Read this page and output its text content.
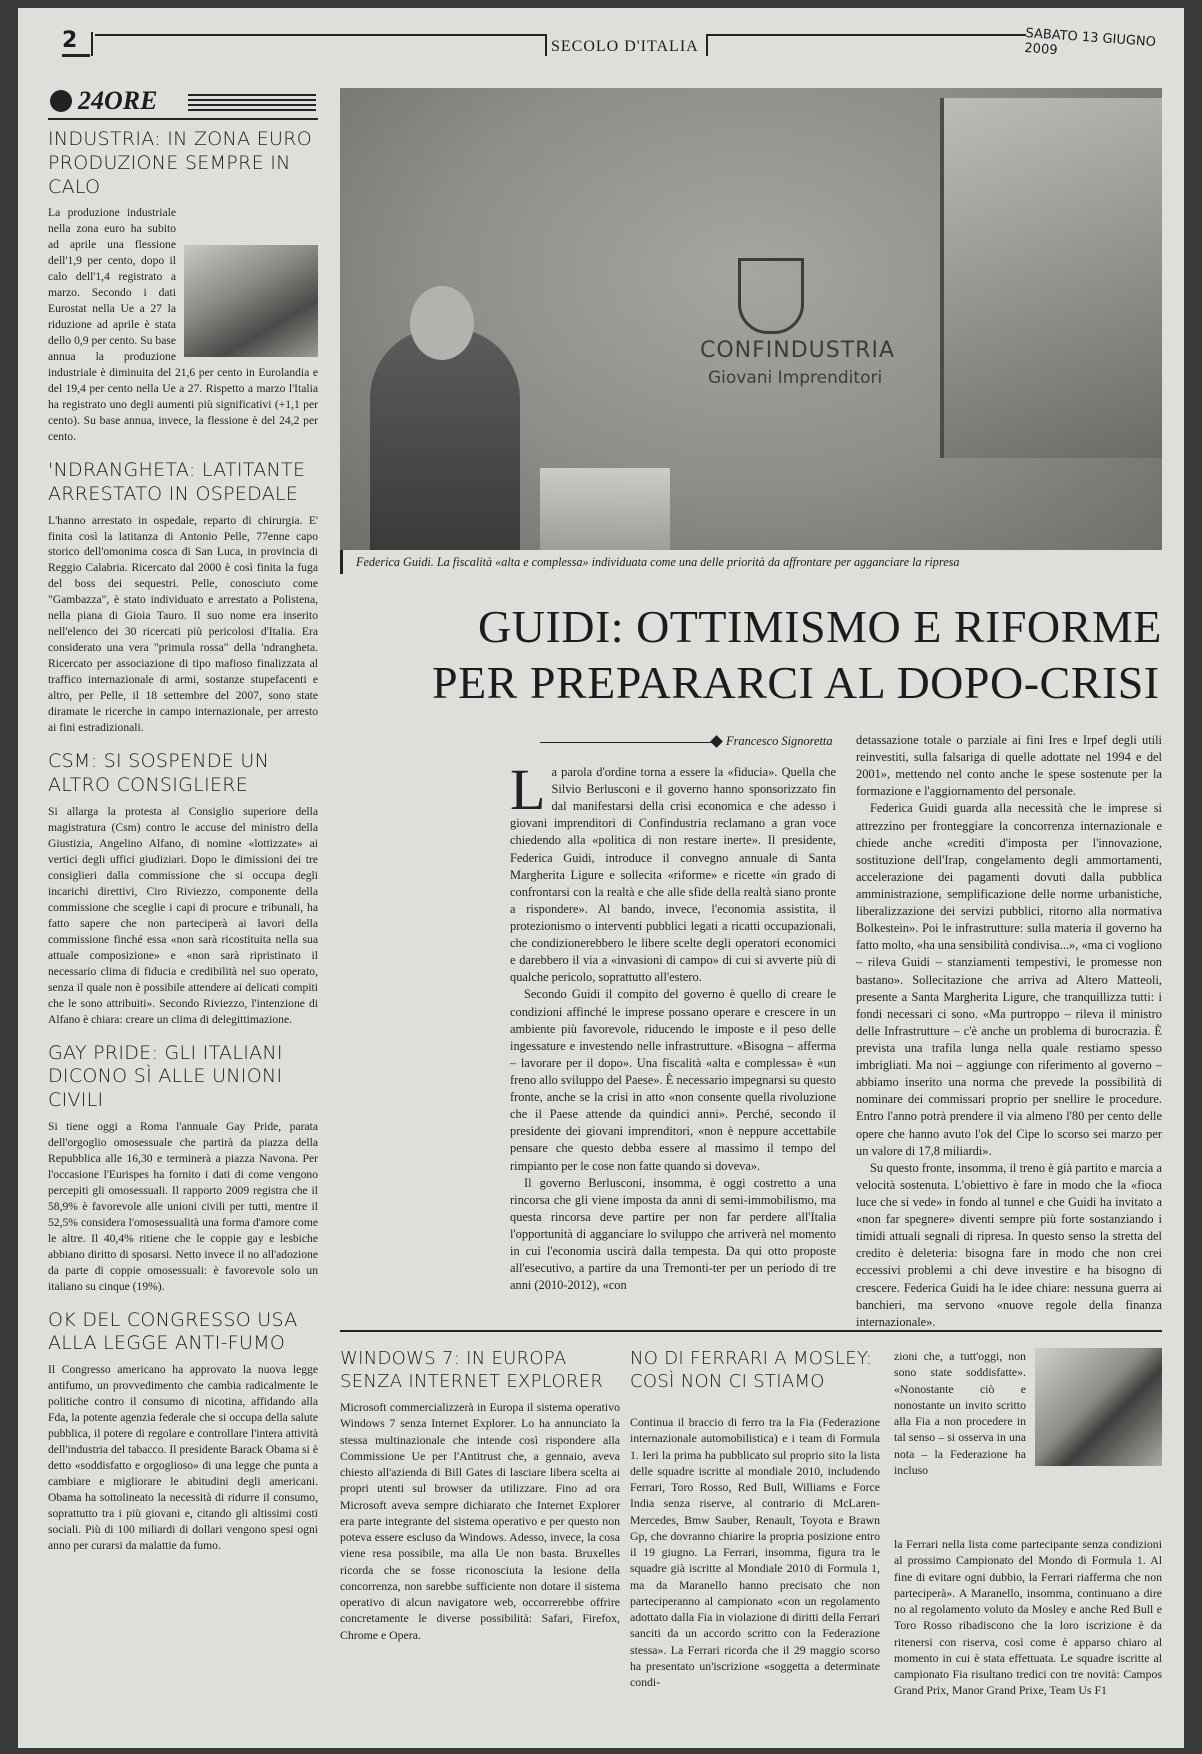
2	SECOLO D'ITALIA	SABATO 13 GIUGNO 2009
24ORE
INDUSTRIA: IN ZONA EURO PRODUZIONE SEMPRE IN CALO

La produzione industriale nella zona euro ha subito ad aprile una flessione dell'1,9 per cento, dopo il calo dell'1,4 registrato a marzo. Secondo i dati Eurostat nella Ue a 27 la riduzione ad aprile è stata dello 0,9 per cento. Su base annua la produzione industriale è diminuita del 21,6 per cento in Eurolandia e del 19,4 per cento nella Ue a 27. Rispetto a marzo l'Italia ha registrato uno degli aumenti più significativi (+1,1 per cento). Su base annua, invece, la flessione è del 24,2 per cento.

'NDRANGHETA: LATITANTE ARRESTATO IN OSPEDALE

L'hanno arrestato in ospedale, reparto di chirurgia. E' finita così la latitanza di Antonio Pelle, 77enne capo storico dell'omonima cosca di San Luca, in provincia di Reggio Calabria. Ricercato dal 2000 è così finita la fuga del boss dei sequestri. Pelle, conosciuto come "Gambazza", è stato individuato e arrestato a Polistena, nella piana di Gioia Tauro. Il suo nome era inserito nell'elenco dei 30 ricercati più pericolosi d'Italia. Era considerato una vera "primula rossa" della 'ndrangheta. Ricercato per associazione di tipo mafioso finalizzata al traffico internazionale di armi, sostanze stupefacenti e altro, per Pelle, il 18 settembre del 2007, sono state diramate le ricerche in campo internazionale, per arresto ai fini estradizionali.

CSM: SI SOSPENDE UN ALTRO CONSIGLIERE

Si allarga la protesta al Consiglio superiore della magistratura (Csm) contro le accuse del ministro della Giustizia, Angelino Alfano, di nomine «lottizzate» ai vertici degli uffici giudiziari. Dopo le dimissioni dei tre consiglieri dalla commissione che si occupa degli incarichi direttivi, Ciro Riviezzo, componente della commissione che sceglie i capi di procure e tribunali, ha fatto sapere che non parteciperà ai lavori della commissione finché essa «non sarà ricostituita nella sua attuale composizione» e «non sarà ripristinato il necessario clima di fiducia e credibilità nel suo operato, senza il quale non è possibile attendere ai delicati compiti che le sono attribuiti». Secondo Riviezzo, l'intenzione di Alfano è chiara: creare un clima di delegittimazione.

GAY PRIDE: GLI ITALIANI DICONO SÌ ALLE UNIONI CIVILI

Si tiene oggi a Roma l'annuale Gay Pride, parata dell'orgoglio omosessuale che partirà da piazza della Repubblica alle 16,30 e terminerà a piazza Navona. Per l'occasione l'Eurispes ha fornito i dati di come vengono percepiti gli omosessuali. Il rapporto 2009 registra che il 58,9% è favorevole alle unioni civili per tutti, mentre il 52,5% considera l'omosessualità una forma d'amore come le altre. Il 40,4% ritiene che le coppie gay e lesbiche abbiano diritto di sposarsi. Netto invece il no all'adozione da parte di coppie omosessuali: è favorevole solo un italiano su cinque (19%).

OK DEL CONGRESSO USA ALLA LEGGE ANTI-FUMO

Il Congresso americano ha approvato la nuova legge antifumo, un provvedimento che cambia radicalmente le politiche contro il consumo di nicotina, affidando alla Fda, la potente agenzia federale che si occupa della salute pubblica, il potere di regolare e controllare l'intera attività dell'industria del tabacco. Il presidente Barack Obama si è detto «soddisfatto e orgoglioso» di una legge che punta a cambiare e migliorare le abitudini degli americani. Obama ha sottolineato la necessità di ridurre il consumo, soprattutto tra i più giovani e, citando gli altissimi costi sociali. Più di 100 miliardi di dollari vengono spesi ogni anno per curarsi da malattie da fumo.

CONFINDUSTRIA
Giovani Imprenditori
Federica Guidi. La fiscalità «alta e complessa» individuata come una delle priorità da affrontare per agganciare la ripresa
GUIDI: OTTIMISMO E RIFORME
PER PREPARARCI AL DOPO-CRISI
Francesco Signoretta

La parola d'ordine torna a essere la «fiducia». Quella che Silvio Berlusconi e il governo hanno sponsorizzato fin dal manifestarsi della crisi economica e che adesso i giovani imprenditori di Confindustria reclamano a gran voce chiedendo alla «politica di non restare inerte». Il presidente, Federica Guidi, introduce il convegno annuale di Santa Margherita Ligure e sollecita «riforme» e ricette «in grado di confrontarsi con la realtà e che alle sfide della realtà siano pronte a rispondere». Al bando, invece, l'economia assistita, il protezionismo o interventi pubblici legati a ricatti occupazionali, che condizionerebbero le libere scelte degli operatori economici e darebbero il via a «invasioni di campo» di cui si avverte più di qualche pericolo, soprattutto all'estero.

Secondo Guidi il compito del governo è quello di creare le condizioni affinché le imprese possano operare e crescere in un ambiente più favorevole, riducendo le imposte e il peso delle ingessature e investendo nelle infrastrutture. «Bisogna – afferma – lavorare per il dopo». Una fiscalità «alta e complessa» è «un freno allo sviluppo del Paese». È necessario impegnarsi su questo fronte, anche se la crisi in atto «non consente quella rivoluzione che il Paese attende da quindici anni». Perché, secondo il presidente dei giovani imprenditori, «non è neppure accettabile pensare che questo debba essere al massimo il tempo del rimpianto per le cose non fatte quando si doveva».

Il governo Berlusconi, insomma, è oggi costretto a una rincorsa che gli viene imposta da anni di semi-immobilismo, ma questa rincorsa deve partire per non far perdere all'Italia l'opportunità di agganciare lo sviluppo che arriverà nel momento in cui l'economia uscirà dalla tempesta. Da qui otto proposte all'esecutivo, a partire da una Tremonti-ter per un periodo di tre anni (2010-2012), «con

detassazione totale o parziale ai fini Ires e Irpef degli utili reinvestiti, sulla falsariga di quelle adottate nel 1994 e del 2001», mettendo nel conto anche le spese sostenute per la formazione e l'aggiornamento del personale.

Federica Guidi guarda alla necessità che le imprese si attrezzino per fronteggiare la concorrenza internazionale e chiede anche «crediti d'imposta per l'innovazione, sostituzione dell'Irap, congelamento degli ammortamenti, accelerazione dei pagamenti dovuti dalla pubblica amministrazione, semplificazione delle norme urbanistiche, liberalizzazione dei servizi pubblici, ritorno alla normativa Bolkestein». Poi le infrastrutture: sulla materia il governo ha fatto molto, «ha una sensibilità condivisa...», «ma ci vogliono – rileva Guidi – stanziamenti tempestivi, le promesse non bastano». Sollecitazione che arriva ad Altero Matteoli, presente a Santa Margherita Ligure, che tranquillizza tutti: i fondi necessari ci sono. «Ma purtroppo – rileva il ministro delle Infrastrutture – c'è anche un problema di burocrazia. È prevista una trafila lunga nella quale restiamo spesso imbrigliati. Ma noi – aggiunge con riferimento al governo – abbiamo inserito una norma che prevede la possibilità di nominare dei commissari proprio per snellire le procedure. Entro l'anno potrà prendere il via almeno l'80 per cento delle opere che hanno avuto l'ok del Cipe lo scorso sei marzo per un valore di 17,8 miliardi».

Su questo fronte, insomma, il treno è già partito e marcia a velocità sostenuta. L'obiettivo è fare in modo che la «fioca luce che si vede» in fondo al tunnel e che Guidi ha invitato a «non far spegnere» diventi sempre più forte sostanziando i timidi attuali segnali di ripresa. In questo senso la stretta del credito è deleteria: bisogna fare in modo che non crei eccessivi problemi a chi deve investire e ha bisogno di crescere. Federica Guidi ha le idee chiare: nessuna guerra ai banchieri, ma servono «nuove regole della finanza internazionale».

WINDOWS 7: IN EUROPA SENZA INTERNET EXPLORER

Microsoft commercializzerà in Europa il sistema operativo Windows 7 senza Internet Explorer. Lo ha annunciato la stessa multinazionale che intende così rispondere alla Commissione Ue per l'Antitrust che, a gennaio, aveva chiesto all'azienda di Bill Gates di lasciare libera scelta ai propri utenti sul browser da utilizzare. Fino ad ora Microsoft aveva sempre dichiarato che Internet Explorer era parte integrante del sistema operativo e per questo non poteva essere escluso da Windows. Adesso, invece, la cosa viene resa possibile, ma alla Ue non basta. Bruxelles ricorda che se fosse riconosciuta la lesione della concorrenza, non sarebbe sufficiente non dotare il sistema operativo di alcun navigatore web, occorrerebbe offrire concretamente le diverse possibilità: Safari, Firefox, Chrome e Opera.

NO DI FERRARI A MOSLEY: COSÌ NON CI STIAMO

Continua il braccio di ferro tra la Fia (Federazione internazionale automobilistica) e i team di Formula 1. Ieri la prima ha pubblicato sul proprio sito la lista delle squadre iscritte al mondiale 2010, includendo Ferrari, Toro Rosso, Red Bull, Williams e Force India senza riserve, al contrario di McLaren-Mercedes, Bmw Sauber, Renault, Toyota e Brawn Gp, che dovranno chiarire la propria posizione entro il 19 giugno. La Ferrari, insomma, figura tra le squadre già iscritte al Mondiale 2010 di Formula 1, ma da Maranello hanno precisato che non parteciperanno al campionato «con un regolamento adottato dalla Fia in violazione di diritti della Ferrari sanciti da un accordo scritto con la Federazione stessa». La Ferrari ricorda che il 29 maggio scorso ha presentato un'iscrizione «soggetta a determinate condi-

zioni che, a tutt'oggi, non sono state soddisfatte». «Nonostante ciò e nonostante un invito scritto alla Fia a non procedere in tal senso – si osserva in una nota – la Federazione ha incluso

la Ferrari nella lista come partecipante senza condizioni al prossimo Campionato del Mondo di Formula 1. Al fine di evitare ogni dubbio, la Ferrari riafferma che non parteciperà». A Maranello, insomma, continuano a dire no al regolamento voluto da Mosley e anche Red Bull e Toro Rosso ribadiscono che la loro iscrizione è da ritenersi con riserva, così come è apparso chiaro al momento in cui è stata effettuata. Le squadre iscritte al campionato Fia risultano tredici con tre novità: Campos Grand Prix, Manor Grand Prixe, Team Us F1
